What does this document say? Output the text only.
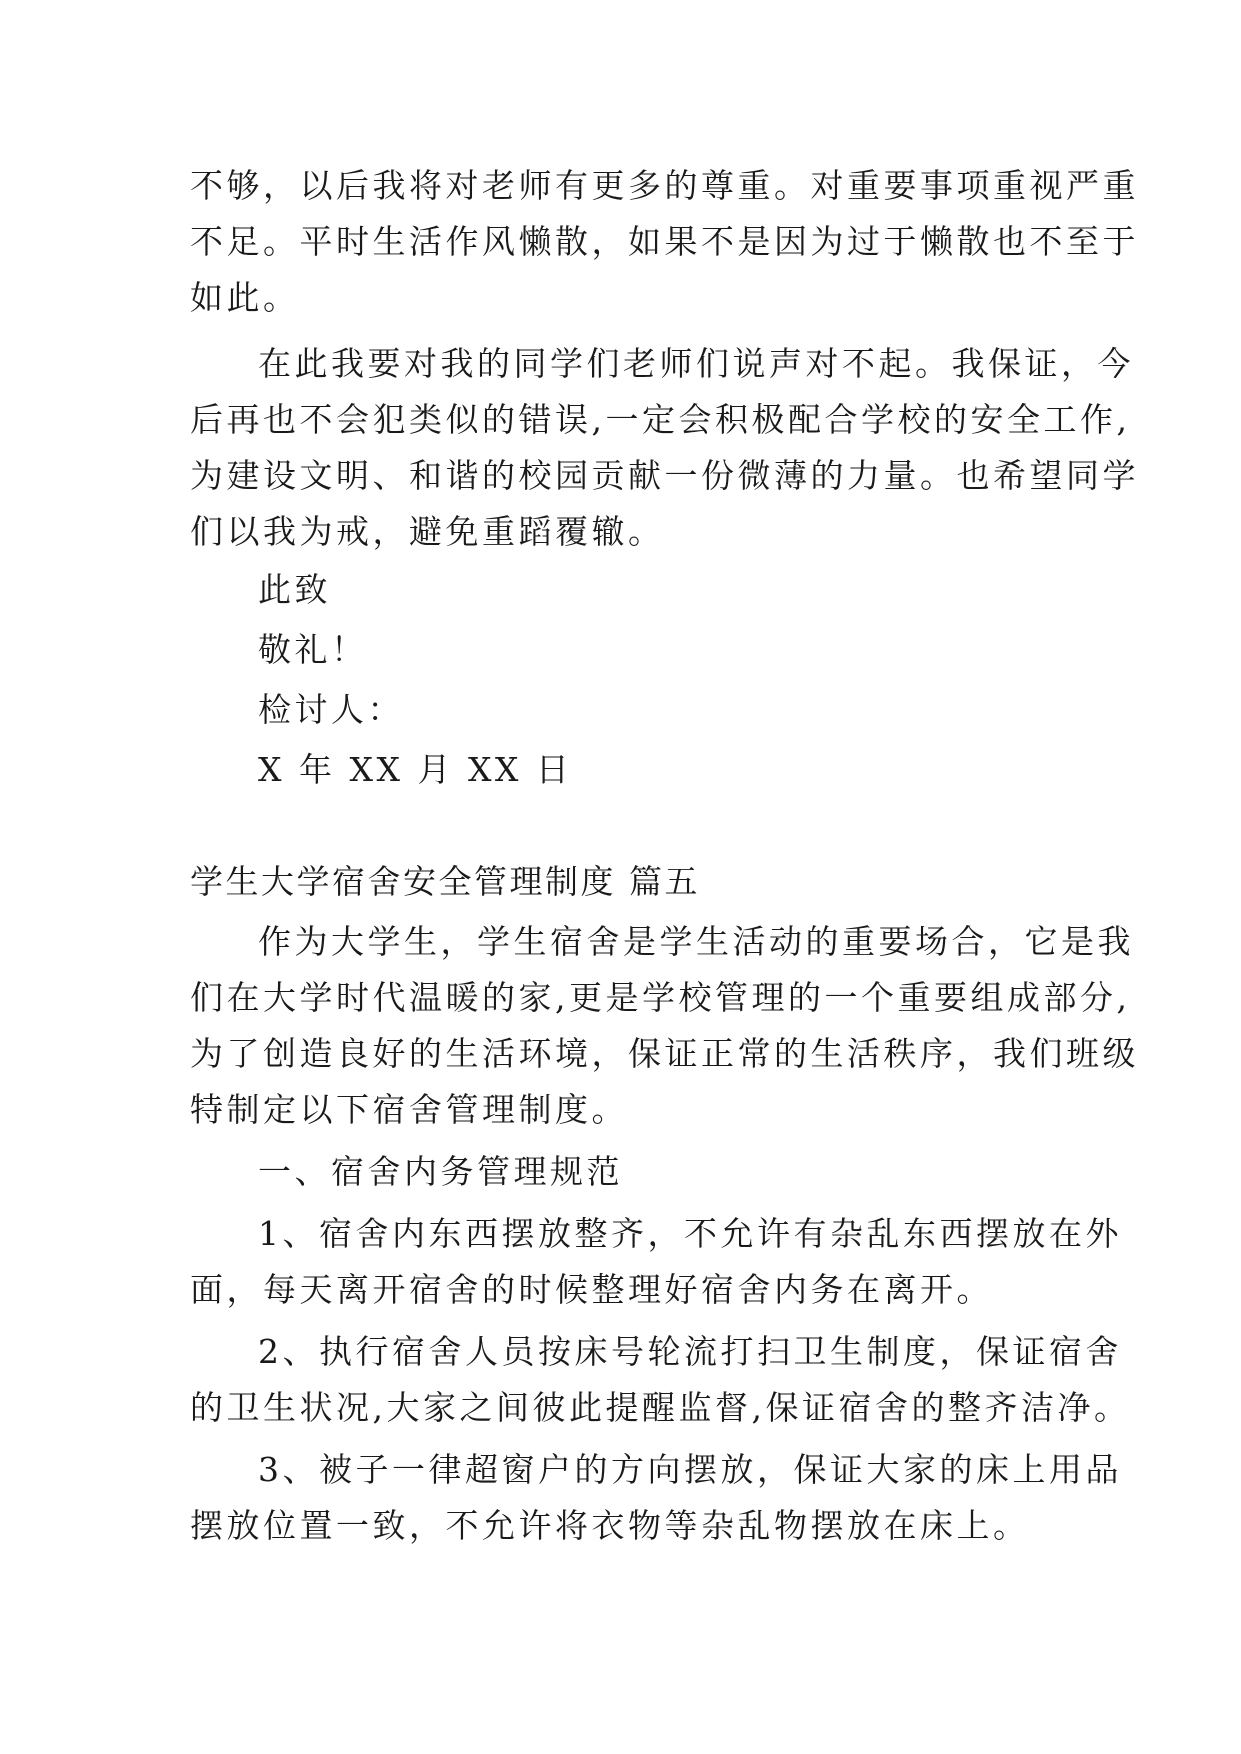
不够，以后我将对老师有更多的尊重。对重要事项重视严重
不足。平时生活作风懒散，如果不是因为过于懒散也不至于
如此。
在此我要对我的同学们老师们说声对不起。我保证，今
后再也不会犯类似的错误,一定会积极配合学校的安全工作,
为建设文明、和谐的校园贡献一份微薄的力量。也希望同学
们以我为戒，避免重蹈覆辙。
此致
敬礼！
检讨人：
X 年 XX 月 XX 日
学生大学宿舍安全管理制度 篇五
作为大学生，学生宿舍是学生活动的重要场合，它是我
们在大学时代温暖的家,更是学校管理的一个重要组成部分,
为了创造良好的生活环境，保证正常的生活秩序，我们班级
特制定以下宿舍管理制度。
一、宿舍内务管理规范
1、宿舍内东西摆放整齐，不允许有杂乱东西摆放在外
面，每天离开宿舍的时候整理好宿舍内务在离开。
2、执行宿舍人员按床号轮流打扫卫生制度，保证宿舍
的卫生状况,大家之间彼此提醒监督,保证宿舍的整齐洁净。
3、被子一律超窗户的方向摆放，保证大家的床上用品
摆放位置一致，不允许将衣物等杂乱物摆放在床上。
